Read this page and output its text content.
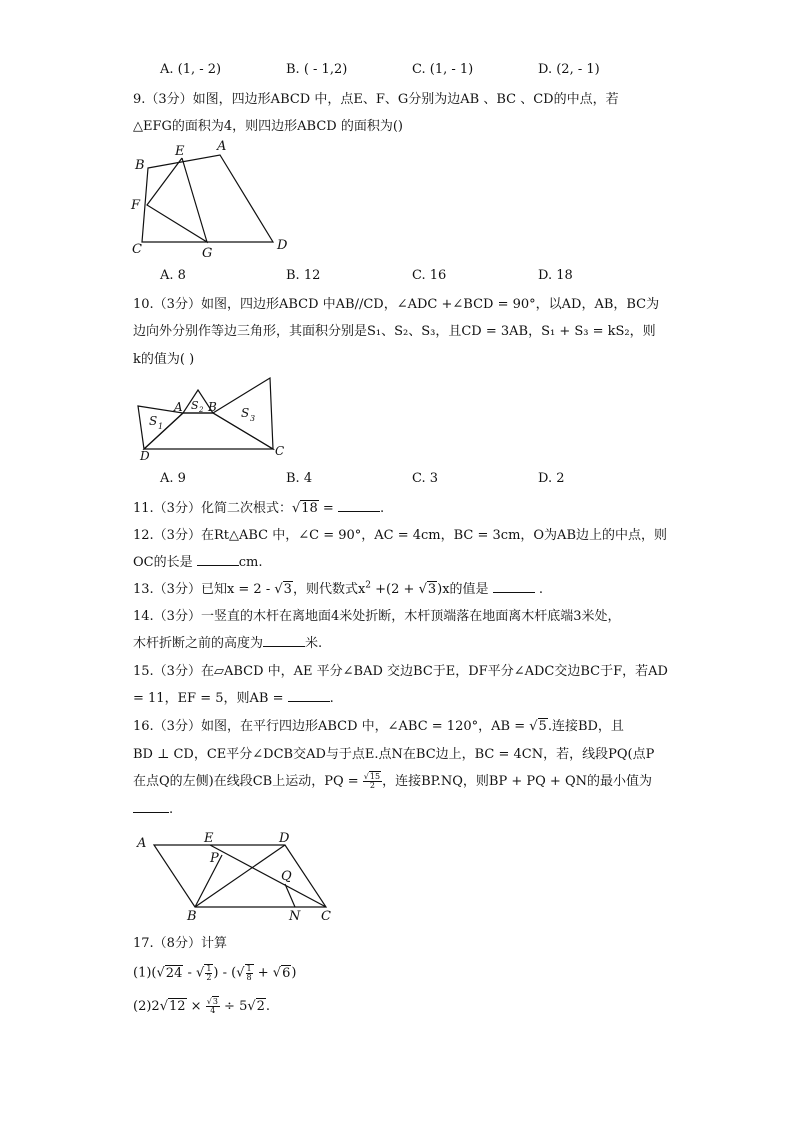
A. (1, - 2)	B. ( - 1,2)	C. (1, - 1)	D. (2, - 1)
9.（3分）如图，四边形ABCD 中，点E、F、G分别为边AB 、BC 、CD的中点，若
△EFG的面积为4，则四边形ABCD 的面积为()
B
E	A
F
C	G
D
A. 8	B. 12	C. 16	D. 18
10.（3分）如图，四边形ABCD 中AB//CD，∠ADC +∠BCD = 90°，以AD，AB，BC为
边向外分别作等边三角形，其面积分别是S₁、S₂、S₃，且CD = 3AB，S₁ + S₃ = kS₂，则
k的值为( )
A B
C
D
S 1
S 2	S 3
A. 9	B. 4	C. 3	D. 2
11.（3分）化简二次根式：√18 =	.
12.（3分）在Rt△ABC 中，∠C = 90°，AC = 4cm，BC = 3cm，O为AB边上的中点，则
OC的长是	cm.
13.（3分）已知x = 2 - √3，则代数式$x^2 +(2 + √3)x$的值是	.
14.（3分）一竖直的木杆在离地面4米处折断，木杆顶端落在地面离木杆底端3米处，
木杆折断之前的高度为	米.
15.（3分）在▱ABCD 中，AE 平分∠BAD 交边BC于E，DF平分∠ADC交边BC于F，若AD
= 11，EF = 5，则AB =	.
16.（3分）如图，在平行四边形ABCD 中，∠ABC = 120°，AB = √5.连接BD，且
BD ⊥ CD，CE平分∠DCB交AD与于点E.点N在BC边上，BC = 4CN，若，线段PQ(点P
在点Q的左侧)在线段CB上运动，PQ = $\frac{√15}{2}$ ，连接BP.NQ，则BP + PQ + QN的最小值为
.
A	E	D
P
Q
B	N C
17.（8分）计算
(1)(√24 - √ $\frac{1}{2}$ ) - (√ $\frac{1}{8} + √6$)
$(2)2√12 \times \frac{√3}{4} \div 5√2$.
